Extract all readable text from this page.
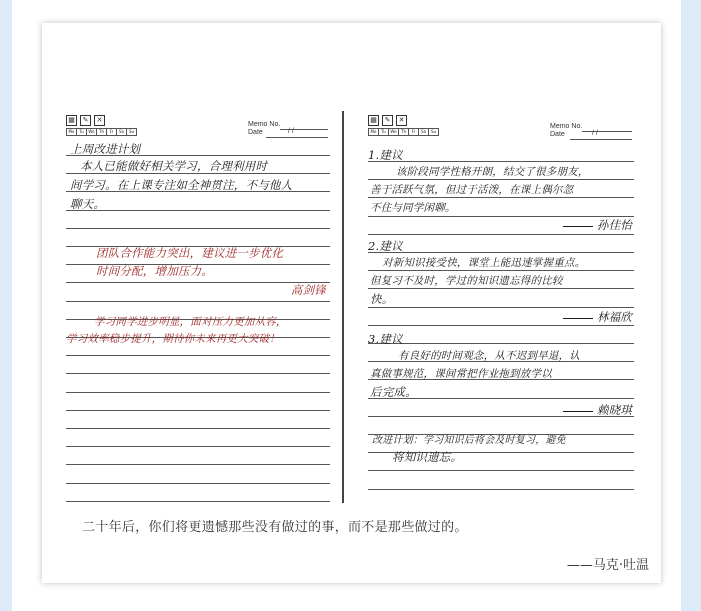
▦	✎	✕
Mo	Tu	We	Th	Fr	Sa	Su
Memo No.
Date	/ /
上周改进计划
本人已能做好相关学习，合理利用时
间学习。在上课专注如全神贯注，不与他人
聊天。
团队合作能力突出，建议进一步优化
时间分配，增加压力。
高剑锋
学习同学进步明显，面对压力更加从容，
学习效率稳步提升，期待你未来再更大突破！
▦	✎	✕
Mo	Tu	We	Th	Fr	Sa	Su
Memo No.
Date	/ /
1.建议
该阶段同学性格开朗，结交了很多朋友，
善于活跃气氛，但过于活泼，在课上偶尔忽
不住与同学闲聊。
孙佳怡
2.建议
对新知识接受快，课堂上能迅速掌握重点。
但复习不及时，学过的知识遗忘得的比较
快。
林福欣
3.建议
有良好的时间观念，从不迟到早退，认
真做事规范，课间常把作业拖到放学以
后完成。
赖晓琪
改进计划：学习知识后将会及时复习，避免
将知识遗忘。
二十年后，你们将更遗憾那些没有做过的事，而不是那些做过的。
——马克·吐温
